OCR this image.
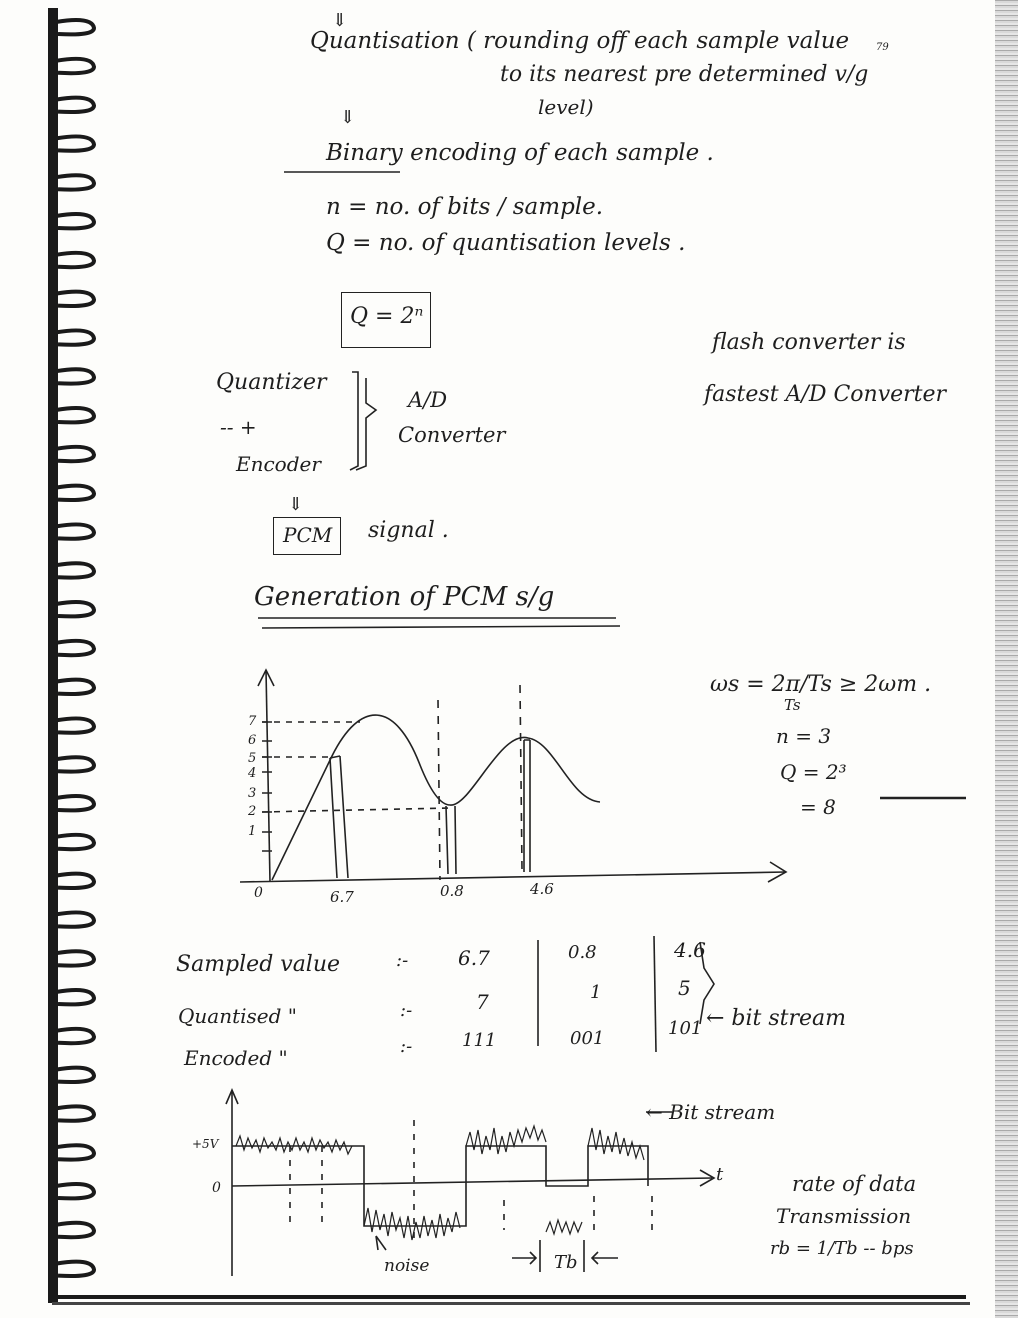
⇓
Quantisation ( rounding off each sample value	79
to its nearest pre determined v/g
level)
⇓
Binary encoding of each sample .
n = no. of bits / sample.
Q = no. of quantisation levels .
Q = 2ⁿ
flash converter is
fastest A/D Converter
Quantizer
-- +
Encoder
A/D
Converter
⇓
PCM signal .
Generation of PCM s/g
7
6
5
4
3
2
1
0	6.7	0.8	4.6
ωs = 2π/Ts ≥ 2ωm .
Ts
n = 3
Q = 2³
= 8
Sampled value	:- 6.7	0.8	4.6
Quantised "	:-	7	1	5
Encoded "	:-	111	001	101 ← bit stream
+5V
0
← Bit stream
t
noise	Tb
rate of data
Transmission
rb = 1/Tb -- bps
